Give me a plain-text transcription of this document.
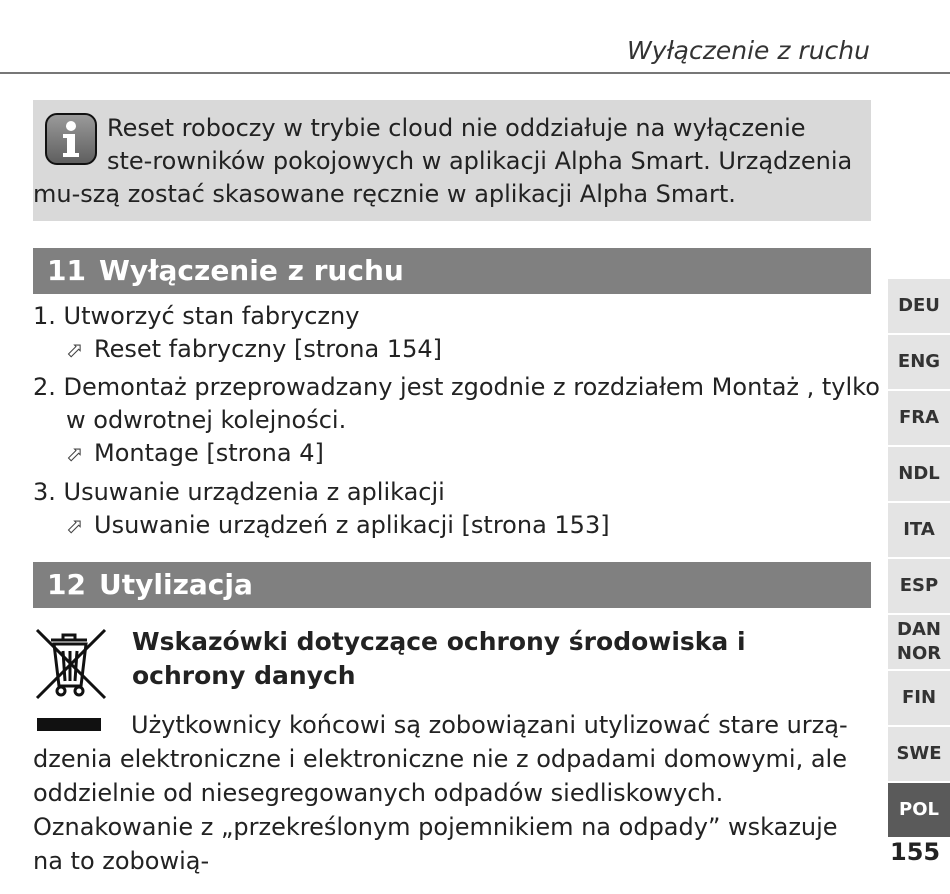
Wyłączenie z ruchu
Reset roboczy w trybie cloud nie oddziałuje na wyłączenie ste-rowników pokojowych w aplikacji Alpha Smart. Urządzenia mu-szą zostać skasowane ręcznie w aplikacji Alpha Smart.
11 Wyłączenie z ruchu
1. Utworzyć stan fabryczny
⬀ Reset fabryczny [strona 154]
2. Demontaż przeprowadzany jest zgodnie z rozdziałem Montaż , tylko
w odwrotnej kolejności.
⬀ Montage [strona 4]
3. Usuwanie urządzenia z aplikacji
⬀ Usuwanie urządzeń z aplikacji [strona 153]
12 Utylizacja
Wskazówki dotyczące ochrony środowiska i ochrony danych
Użytkownicy końcowi są zobowiązani utylizować stare urzą-dzenia elektroniczne i elektroniczne nie z odpadami domowymi, ale oddzielnie od niesegregowanych odpadów siedliskowych. Oznakowanie z „przekreślonym pojemnikiem na odpady” wskazuje na to zobowią-
DEU
ENG
FRA
NDL
ITA
ESP
DAN
NOR
FIN
SWE
POL
155
